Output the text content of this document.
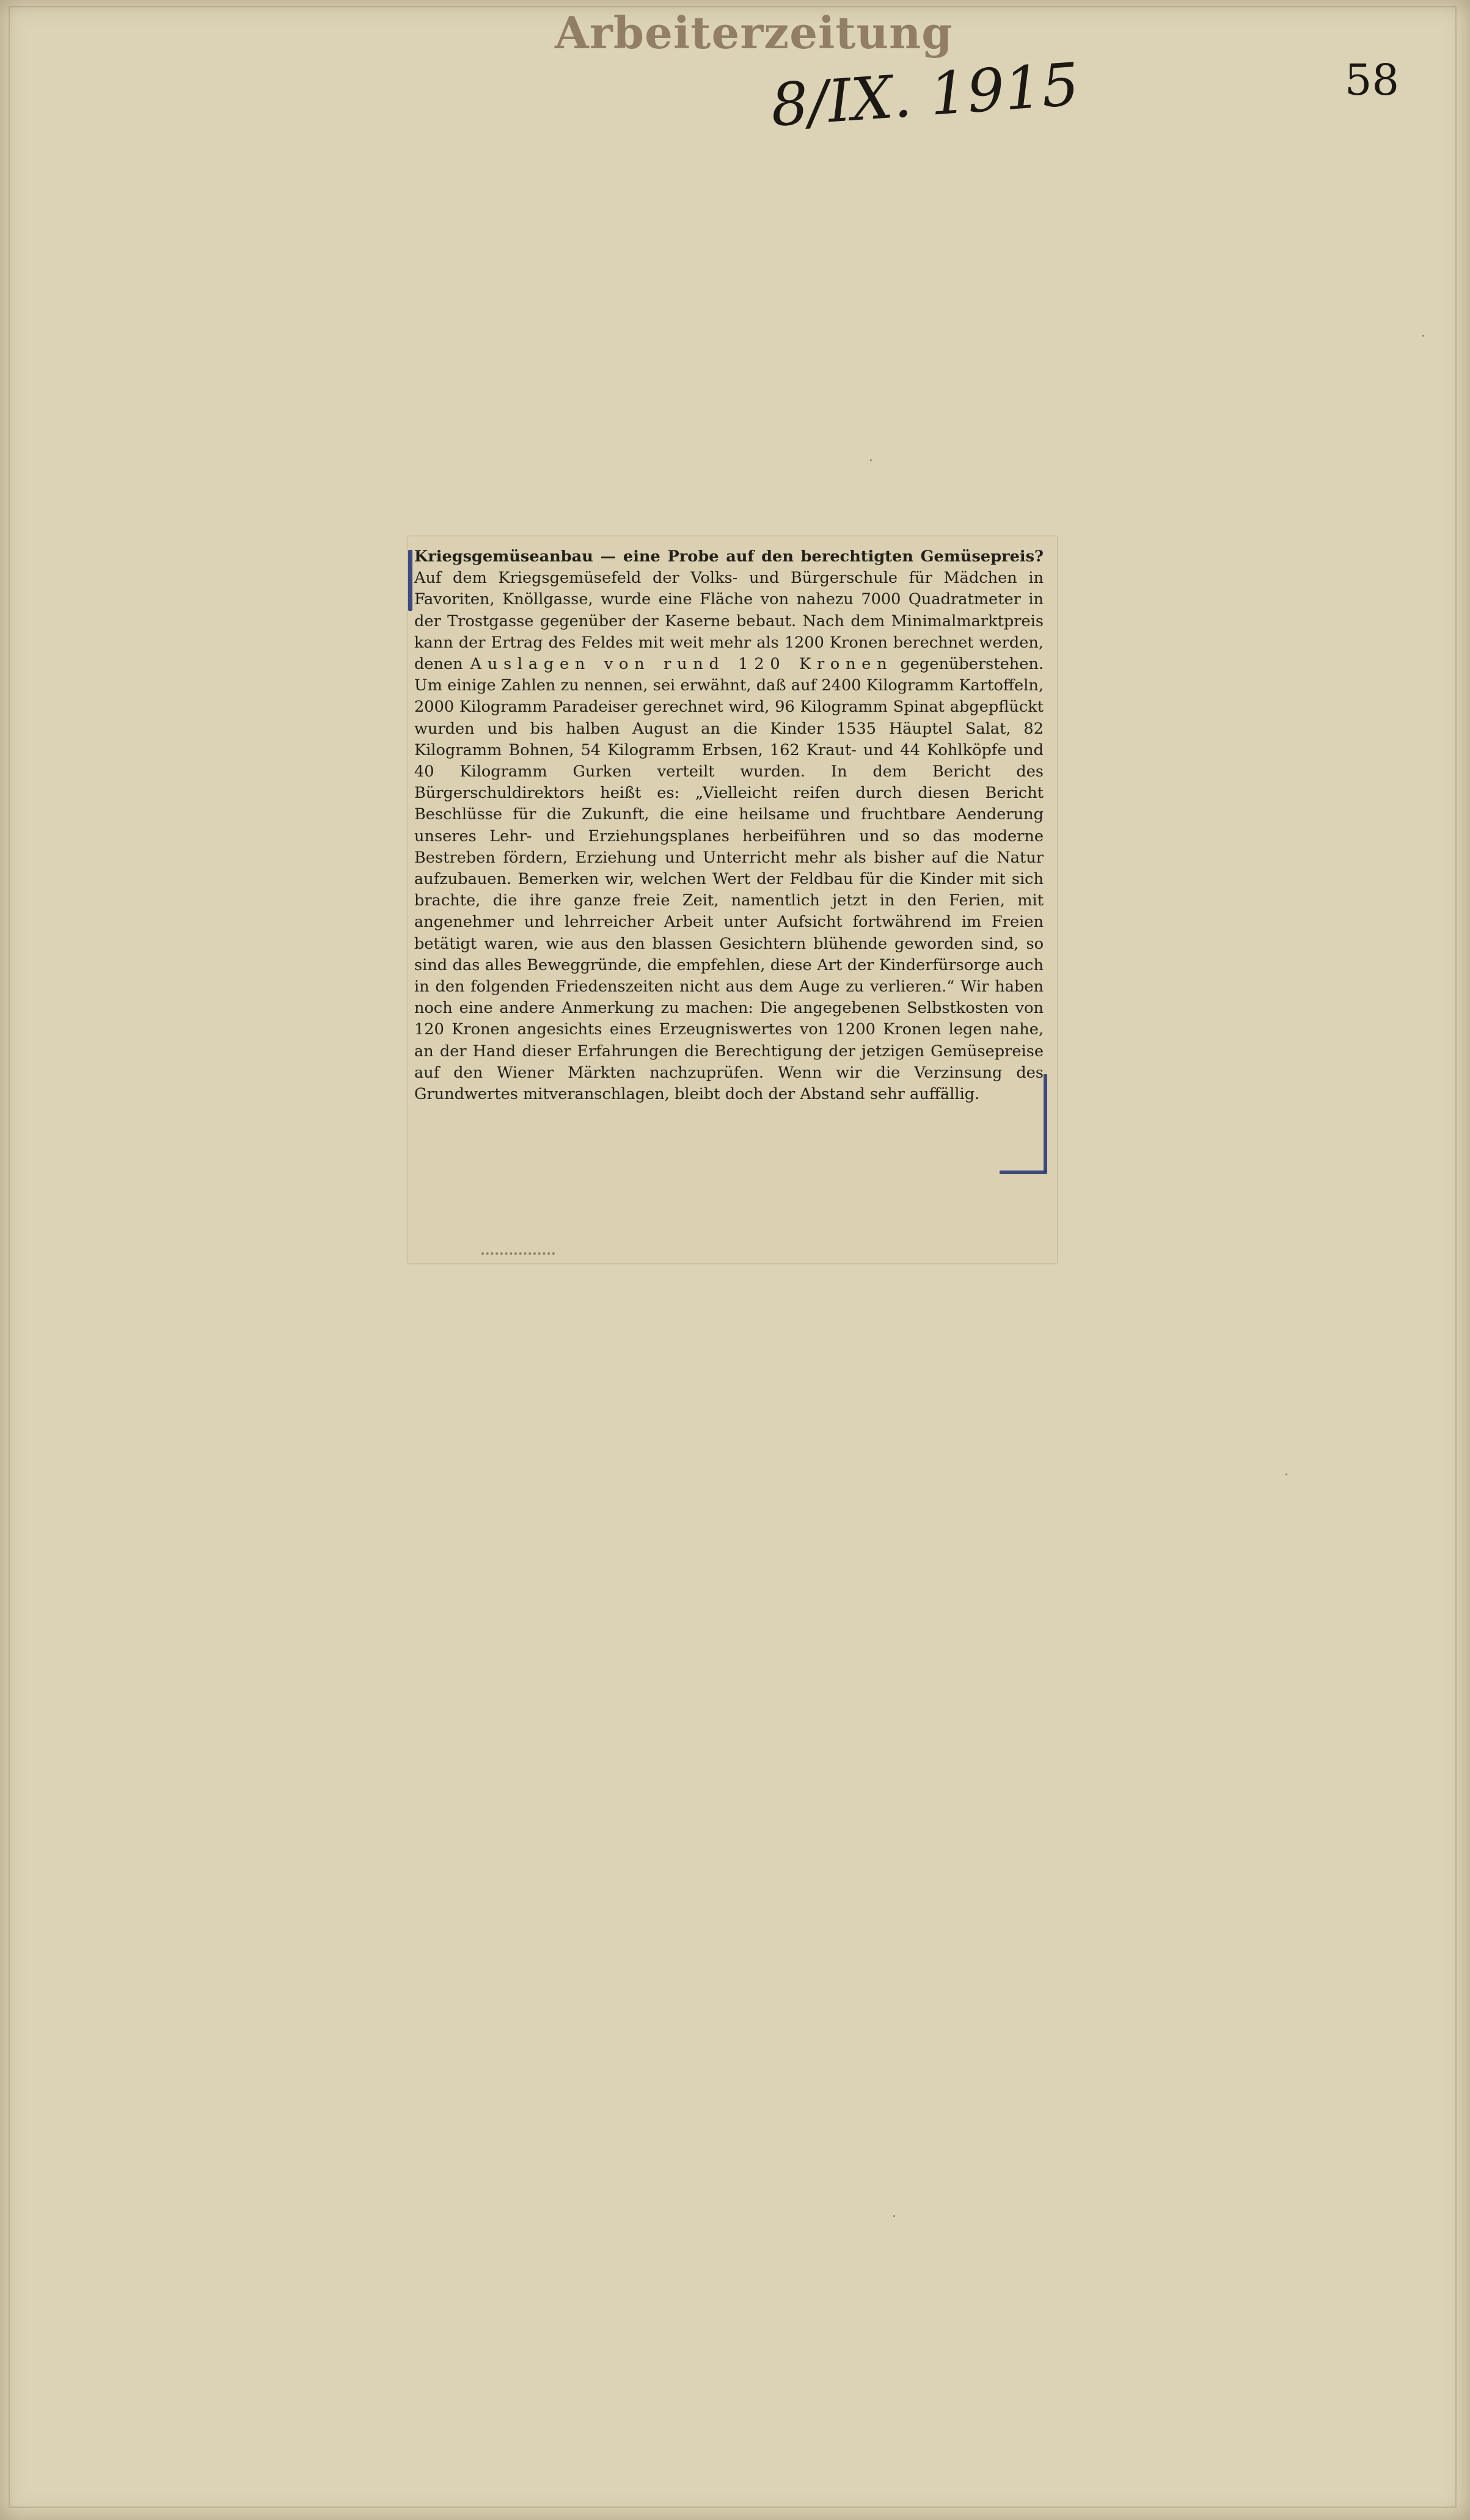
Arbeiterzeitung
8/IX. 1915	58
Kriegsgemüseanbau — eine Probe auf den berechtigten Gemüsepreis? Auf dem Kriegsgemüsefeld der Volks- und Bürgerschule für Mädchen in Favoriten, Knöllgasse, wurde eine Fläche von nahezu 7000 Quadratmeter in der Trostgasse gegenüber der Kaserne bebaut. Nach dem Minimalmarktpreis kann der Ertrag des Feldes mit weit mehr als 1200 Kronen berechnet werden, denen Auslagen von rund 120 Kronen gegenüberstehen. Um einige Zahlen zu nennen, sei erwähnt, daß auf 2400 Kilogramm Kartoffeln, 2000 Kilogramm Paradeiser gerechnet wird, 96 Kilogramm Spinat abgepflückt wurden und bis halben August an die Kinder 1535 Häuptel Salat, 82 Kilogramm Bohnen, 54 Kilogramm Erbsen, 162 Kraut- und 44 Kohlköpfe und 40 Kilogramm Gurken verteilt wurden. In dem Bericht des Bürgerschuldirektors heißt es: „Vielleicht reifen durch diesen Bericht Beschlüsse für die Zukunft, die eine heilsame und fruchtbare Aenderung unseres Lehr- und Erziehungsplanes herbeiführen und so das moderne Bestreben fördern, Erziehung und Unterricht mehr als bisher auf die Natur aufzubauen. Bemerken wir, welchen Wert der Feldbau für die Kinder mit sich brachte, die ihre ganze freie Zeit, namentlich jetzt in den Ferien, mit angenehmer und lehrreicher Arbeit unter Aufsicht fortwährend im Freien betätigt waren, wie aus den blassen Gesichtern blühende geworden sind, so sind das alles Beweggründe, die empfehlen, diese Art der Kinderfürsorge auch in den folgenden Friedenszeiten nicht aus dem Auge zu verlieren.“ Wir haben noch eine andere Anmerkung zu machen: Die angegebenen Selbstkosten von 120 Kronen angesichts eines Erzeugniswertes von 1200 Kronen legen nahe, an der Hand dieser Erfahrungen die Berechtigung der jetzigen Gemüsepreise auf den Wiener Märkten nachzuprüfen. Wenn wir die Verzinsung des Grundwertes mitveranschlagen, bleibt doch der Abstand sehr auffällig.
